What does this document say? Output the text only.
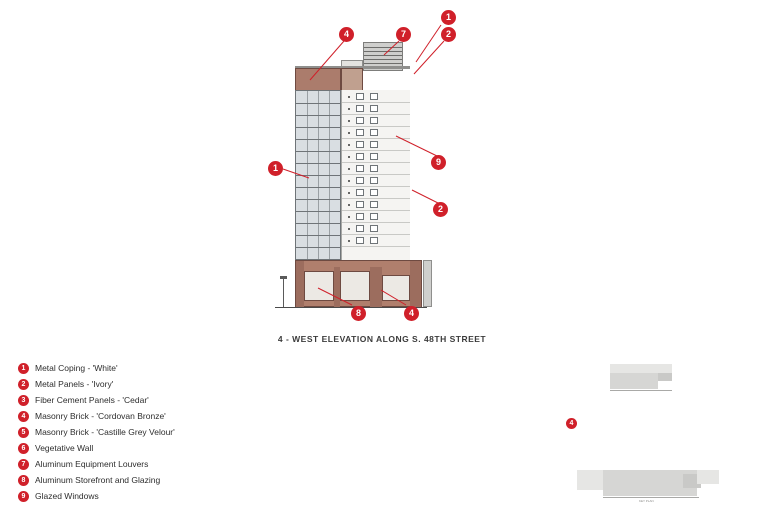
1
2
7
4
1
9
2
8	4
4 - WEST ELEVATION ALONG S. 48TH STREET
1	Metal Coping - 'White'
2	Metal Panels - 'Ivory'
3	Fiber Cement Panels - 'Cedar'
4	Masonry Brick - 'Cordovan Bronze'
5	Masonry Brick - 'Castille Grey Velour'
6	Vegetative Wall
7	Aluminum Equipment Louvers
8	Aluminum Storefront and Glazing
9	Glazed Windows
4
KEY PLAN
